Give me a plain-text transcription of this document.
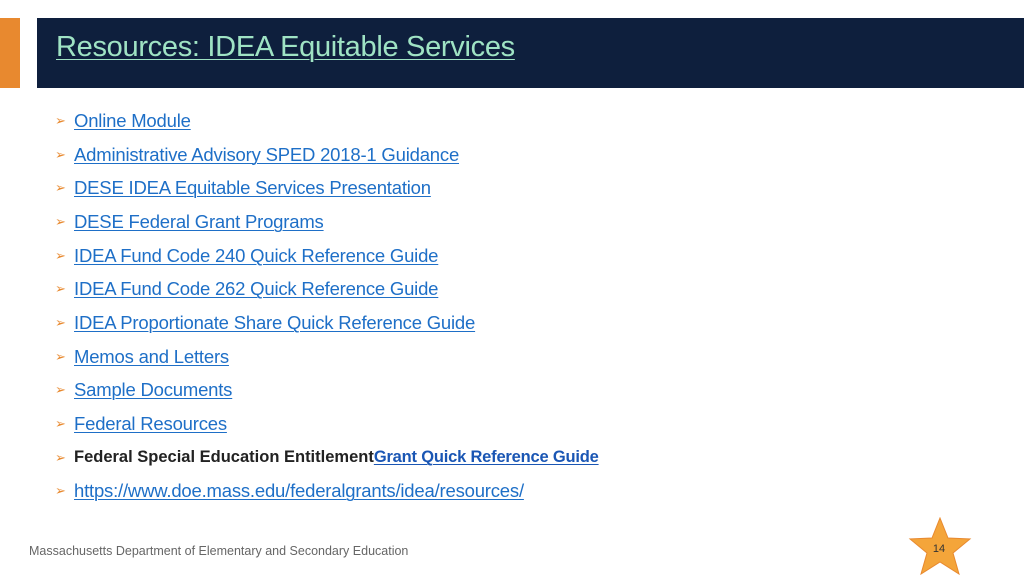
Resources: IDEA Equitable Services
➢ Online Module
➢ Administrative Advisory SPED 2018-1 Guidance
➢ DESE IDEA Equitable Services Presentation
➢ DESE Federal Grant Programs
➢ IDEA Fund Code 240 Quick Reference Guide
➢ IDEA Fund Code 262 Quick Reference Guide
➢ IDEA Proportionate Share Quick Reference Guide
➢ Memos and Letters
➢ Sample Documents
➢ Federal Resources
➢ Federal Special Education Entitlement Grant Quick Reference Guide
➢ https://www.doe.mass.edu/federalgrants/idea/resources/
Massachusetts Department of Elementary and Secondary Education	14
